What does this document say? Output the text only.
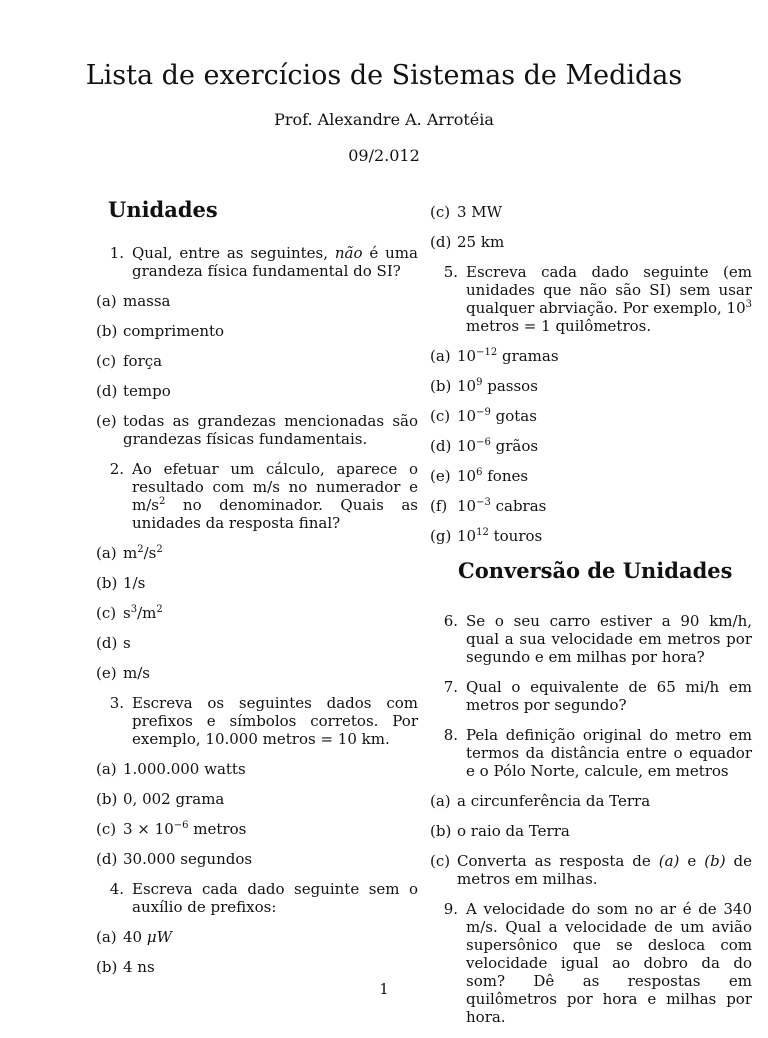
Lista de exercícios de Sistemas de Medidas
Prof. Alexandre A. Arrotéia
09/2.012
Unidades
1. Qual, entre as seguintes, não é uma grandeza física fundamental do SI?
(a) massa
(b) comprimento
(c) força
(d) tempo
(e) todas as grandezas mencionadas são grandezas físicas fundamentais.
2. Ao efetuar um cálculo, aparece o resultado com m/s no numerador e $m/s^2$ no denominador. Quais as unidades da resposta final?
(a) $m^2/s^2$
(b) 1/s
(c) $s^3/m^2$
(d) s
(e) m/s
3. Escreva os seguintes dados com prefixos e símbolos corretos. Por exemplo, 10.000 metros = 10 km.
(a) 1.000.000 watts
(b) 0, 002 grama
(c) $3 \times 10^{-6}$ metros
(d) 30.000 segundos
4. Escreva cada dado seguinte sem o auxílio de prefixos:
(a) 40 μW
(b) 4 ns
(c) 3 MW
(d) 25 km
5. Escreva cada dado seguinte (em unidades que não são SI) sem usar qualquer abrviação. Por exemplo, $10^3$ metros = 1 quilômetros.
(a) $10^{-12}$ gramas
(b) $10^9$ passos
(c) $10^{-9}$ gotas
(d) $10^{-6}$ grãos
(e) $10^6$ fones
(f) $10^{-3}$ cabras
(g) $10^{12}$ touros
Conversão de Unidades
6. Se o seu carro estiver a 90 km/h, qual a sua velocidade em metros por segundo e em milhas por hora?
7. Qual o equivalente de 65 mi/h em metros por segundo?
8. Pela definição original do metro em termos da distância entre o equador e o Pólo Norte, calcule, em metros
(a) a circunferência da Terra
(b) o raio da Terra
(c) Converta as resposta de (a) e (b) de metros em milhas.
9. A velocidade do som no ar é de 340 m/s. Qual a velocidade de um avião supersônico que se desloca com velocidade igual ao dobro da do som? Dê as respostas em quilômetros por hora e milhas por hora.
1
